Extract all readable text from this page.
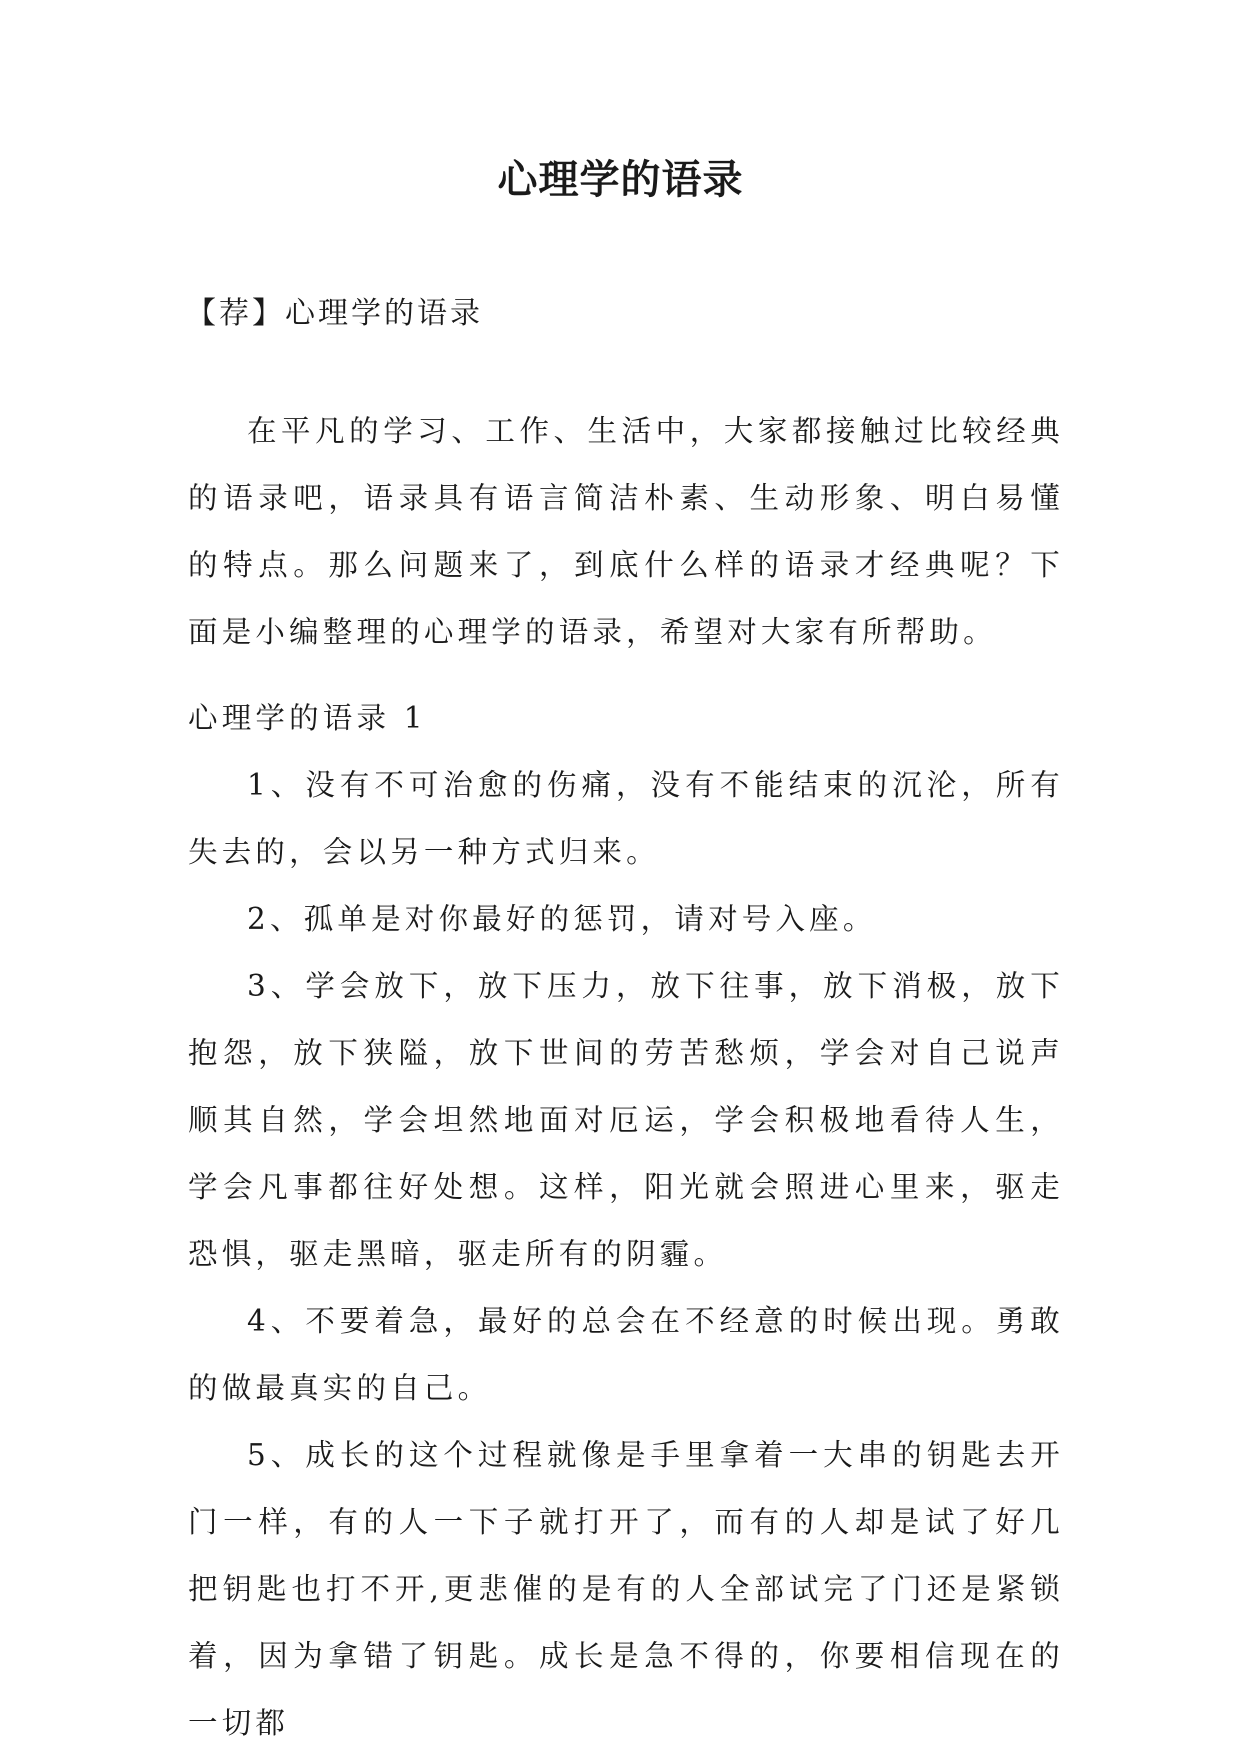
心理学的语录
【荐】心理学的语录

在平凡的学习、工作、生活中，大家都接触过比较经典的语录吧，语录具有语言简洁朴素、生动形象、明白易懂的特点。那么问题来了，到底什么样的语录才经典呢？下面是小编整理的心理学的语录，希望对大家有所帮助。

心理学的语录 1

1、没有不可治愈的伤痛，没有不能结束的沉沦，所有失去的，会以另一种方式归来。

2、孤单是对你最好的惩罚，请对号入座。

3、学会放下，放下压力，放下往事，放下消极，放下抱怨，放下狭隘，放下世间的劳苦愁烦，学会对自己说声顺其自然，学会坦然地面对厄运，学会积极地看待人生，学会凡事都往好处想。这样，阳光就会照进心里来，驱走恐惧，驱走黑暗，驱走所有的阴霾。

4、不要着急，最好的总会在不经意的时候出现。勇敢的做最真实的自己。

5、成长的这个过程就像是手里拿着一大串的钥匙去开门一样，有的人一下子就打开了，而有的人却是试了好几把钥匙也打不开,更悲催的是有的人全部试完了门还是紧锁着，因为拿错了钥匙。成长是急不得的，你要相信现在的一切都
